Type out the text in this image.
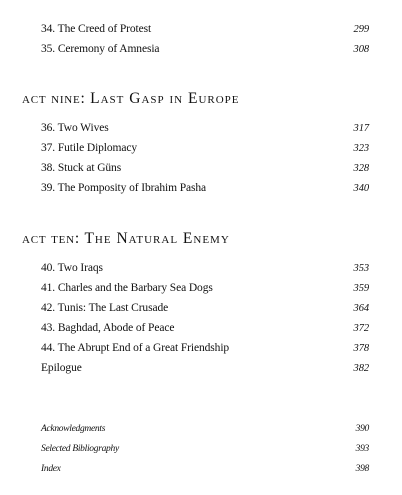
34. The Creed of Protest	299
35. Ceremony of Amnesia	308
act nine: Last Gasp in Europe
36. Two Wives	317
37. Futile Diplomacy	323
38. Stuck at Güns	328
39. The Pomposity of Ibrahim Pasha	340
act ten: The Natural Enemy
40. Two Iraqs	353
41. Charles and the Barbary Sea Dogs	359
42. Tunis: The Last Crusade	364
43. Baghdad, Abode of Peace	372
44. The Abrupt End of a Great Friendship	378
Epilogue	382
Acknowledgments	390
Selected Bibliography	393
Index	398
